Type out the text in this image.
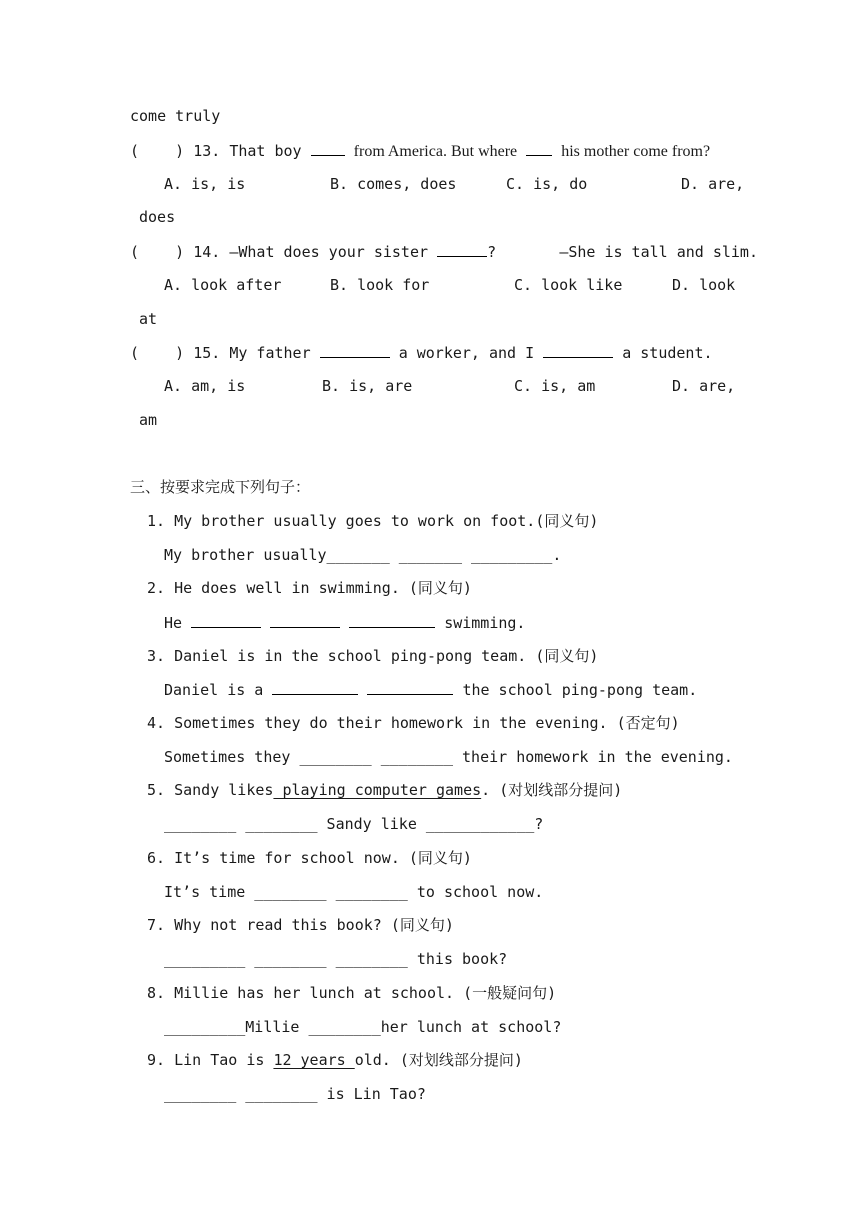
come truly
( ) 13. That boy	from America. But where	his mother come from?
A. is, is	B. comes, does	C. is, do	D. are,
does
( ) 14. —What does your sister	?	—She is tall and slim.
A. look after	B. look for	C. look like	D. look
at
( ) 15. My father	a worker, and I	a student.
A. am, is	B. is, are	C. is, am	D. are,
am
三、按要求完成下列句子：
1. My brother usually goes to work on foot.(同义句)
My brother usually_______ _______ _________.
2. He does well in swimming. (同义句)
He	swimming.
3. Daniel is in the school ping-pong team. (同义句)
Daniel is a	the school ping-pong team.
4. Sometimes they do their homework in the evening. (否定句)
Sometimes they ________ ________ their homework in the evening.
5. Sandy likes playing computer games. (对划线部分提问)
________ ________ Sandy like ____________?
6. It’s time for school now. (同义句)
It’s time ________ ________ to school now.
7. Why not read this book? (同义句)
_________ ________ ________ this book?
8. Millie has her lunch at school. (一般疑问句)
_________Millie ________her lunch at school?
9. Lin Tao is 12 years old. (对划线部分提问)
________ ________ is Lin Tao?
